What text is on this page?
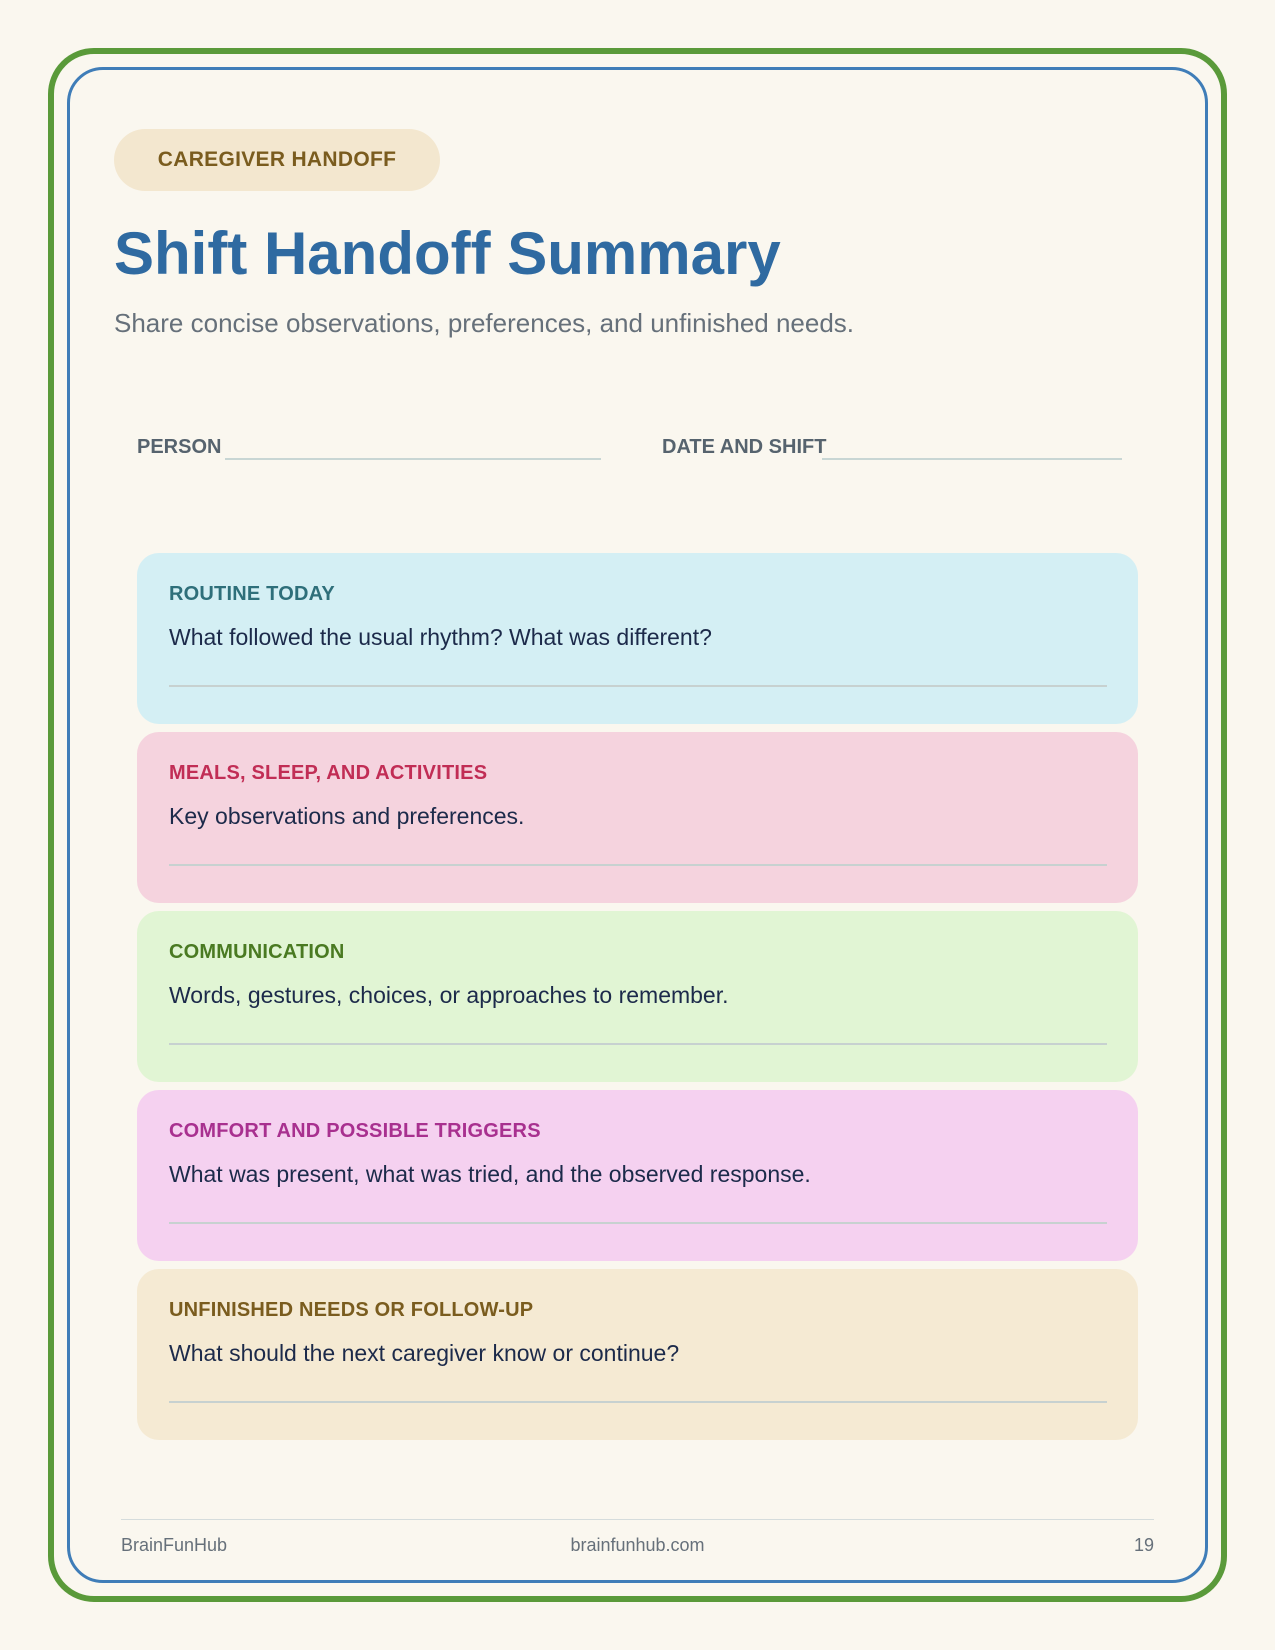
CAREGIVER HANDOFF
Shift Handoff Summary
Share concise observations, preferences, and unfinished needs.
PERSON	DATE AND SHIFT
ROUTINE TODAY
What followed the usual rhythm? What was different?
MEALS, SLEEP, AND ACTIVITIES
Key observations and preferences.
COMMUNICATION
Words, gestures, choices, or approaches to remember.
COMFORT AND POSSIBLE TRIGGERS
What was present, what was tried, and the observed response.
UNFINISHED NEEDS OR FOLLOW-UP
What should the next caregiver know or continue?
BrainFunHub	brainfunhub.com	19
